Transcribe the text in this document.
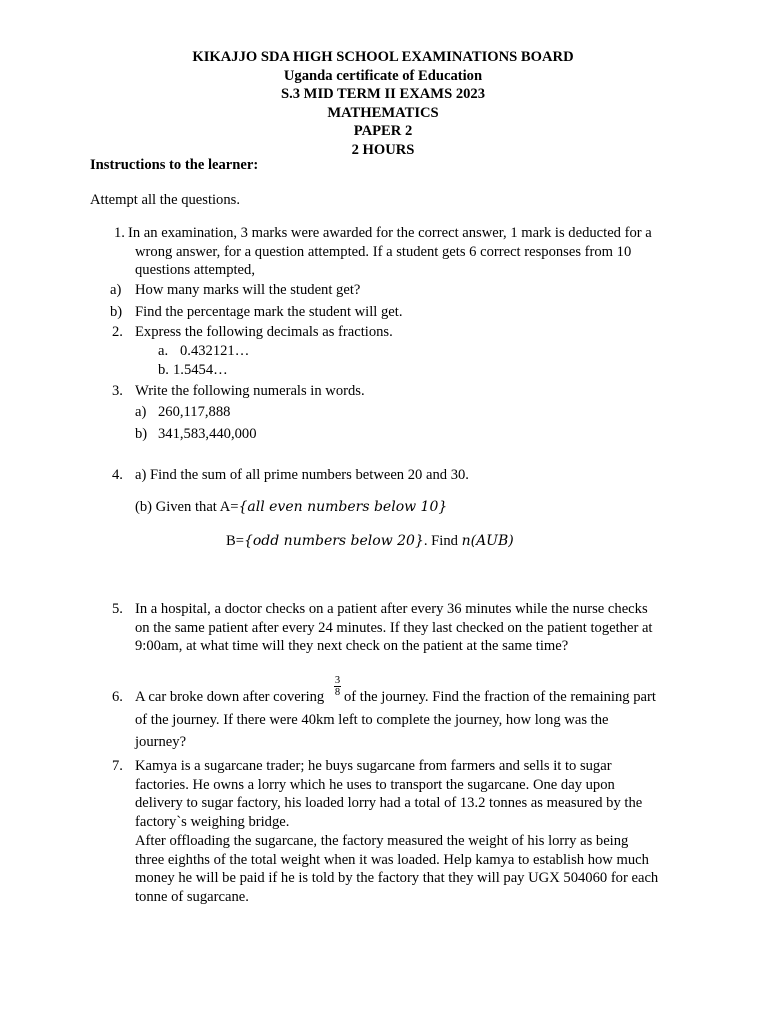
KIKAJJO SDA HIGH SCHOOL EXAMINATIONS BOARD
Uganda certificate of Education
S.3 MID TERM II EXAMS 2023
MATHEMATICS
PAPER 2
2 HOURS
Instructions to the learner:
Attempt all the questions.
1. In an examination, 3 marks were awarded for the correct answer, 1 mark is deducted for a
wrong answer, for a question attempted. If a student gets 6 correct responses from 10
questions attempted,
a) How many marks will the student get?
b) Find the percentage mark the student will get.
2. Express the following decimals as fractions.
a. 0.432121…
b. 1.5454…
3. Write the following numerals in words.
a) 260,117,888
b) 341,583,440,000
4. a) Find the sum of all prime numbers between 20 and 30.
(b) Given that A={all even numbers below 10}
B={odd numbers below 20}. Find n(AUB)
5. In a hospital, a doctor checks on a patient after every 36 minutes while the nurse checks
on the same patient after every 24 minutes. If they last checked on the patient together at
9:00am, at what time will they next check on the patient at the same time?
3
8
6. A car broke down after covering of the journey. Find the fraction of the remaining part
of the journey. If there were 40km left to complete the journey, how long was the
journey?
7. Kamya is a sugarcane trader; he buys sugarcane from farmers and sells it to sugar
factories. He owns a lorry which he uses to transport the sugarcane. One day upon
delivery to sugar factory, his loaded lorry had a total of 13.2 tonnes as measured by the
factory`s weighing bridge.
After offloading the sugarcane, the factory measured the weight of his lorry as being
three eighths of the total weight when it was loaded. Help kamya to establish how much
money he will be paid if he is told by the factory that they will pay UGX 504060 for each
tonne of sugarcane.
